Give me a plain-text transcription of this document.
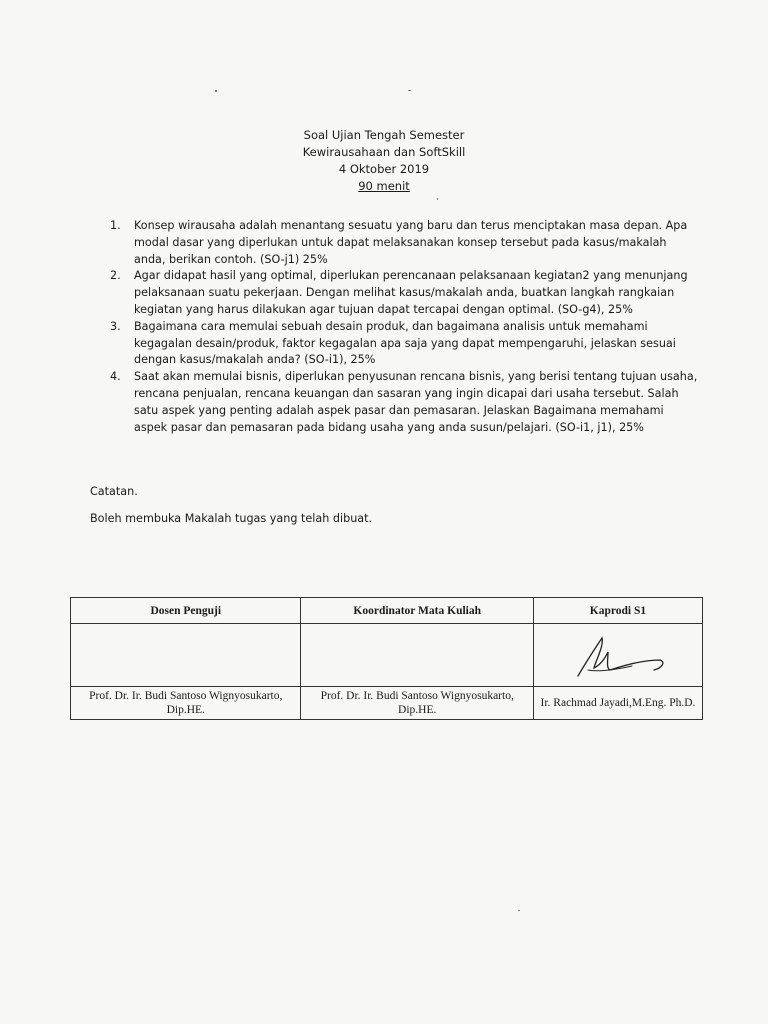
Soal Ujian Tengah Semester
Kewirausahaan dan SoftSkill
4 Oktober 2019
90 menit
1. Konsep wirausaha adalah menantang sesuatu yang baru dan terus menciptakan masa depan. Apa modal dasar yang diperlukan untuk dapat melaksanakan konsep tersebut pada kasus/makalah anda, berikan contoh. (SO-j1) 25%
2. Agar didapat hasil yang optimal, diperlukan perencanaan pelaksanaan kegiatan2 yang menunjang pelaksanaan suatu pekerjaan. Dengan melihat kasus/makalah anda, buatkan langkah rangkaian kegiatan yang harus dilakukan agar tujuan dapat tercapai dengan optimal. (SO-g4), 25%
3. Bagaimana cara memulai sebuah desain produk, dan bagaimana analisis untuk memahami kegagalan desain/produk, faktor kegagalan apa saja yang dapat mempengaruhi, jelaskan sesuai dengan kasus/makalah anda? (SO-i1), 25%
4. Saat akan memulai bisnis, diperlukan penyusunan rencana bisnis, yang berisi tentang tujuan usaha, rencana penjualan, rencana keuangan dan sasaran yang ingin dicapai dari usaha tersebut. Salah satu aspek yang penting adalah aspek pasar dan pemasaran. Jelaskan Bagaimana memahami aspek pasar dan pemasaran pada bidang usaha yang anda susun/pelajari. (SO-i1, j1), 25%
Catatan.
Boleh membuka Makalah tugas yang telah dibuat.
Dosen Penguji	Koordinator Mata Kuliah	Kaprodi S1

Prof. Dr. Ir. Budi Santoso Wignyosukarto, Dip.HE.	Prof. Dr. Ir. Budi Santoso Wignyosukarto, Dip.HE.	Ir. Rachmad Jayadi,M.Eng. Ph.D.
